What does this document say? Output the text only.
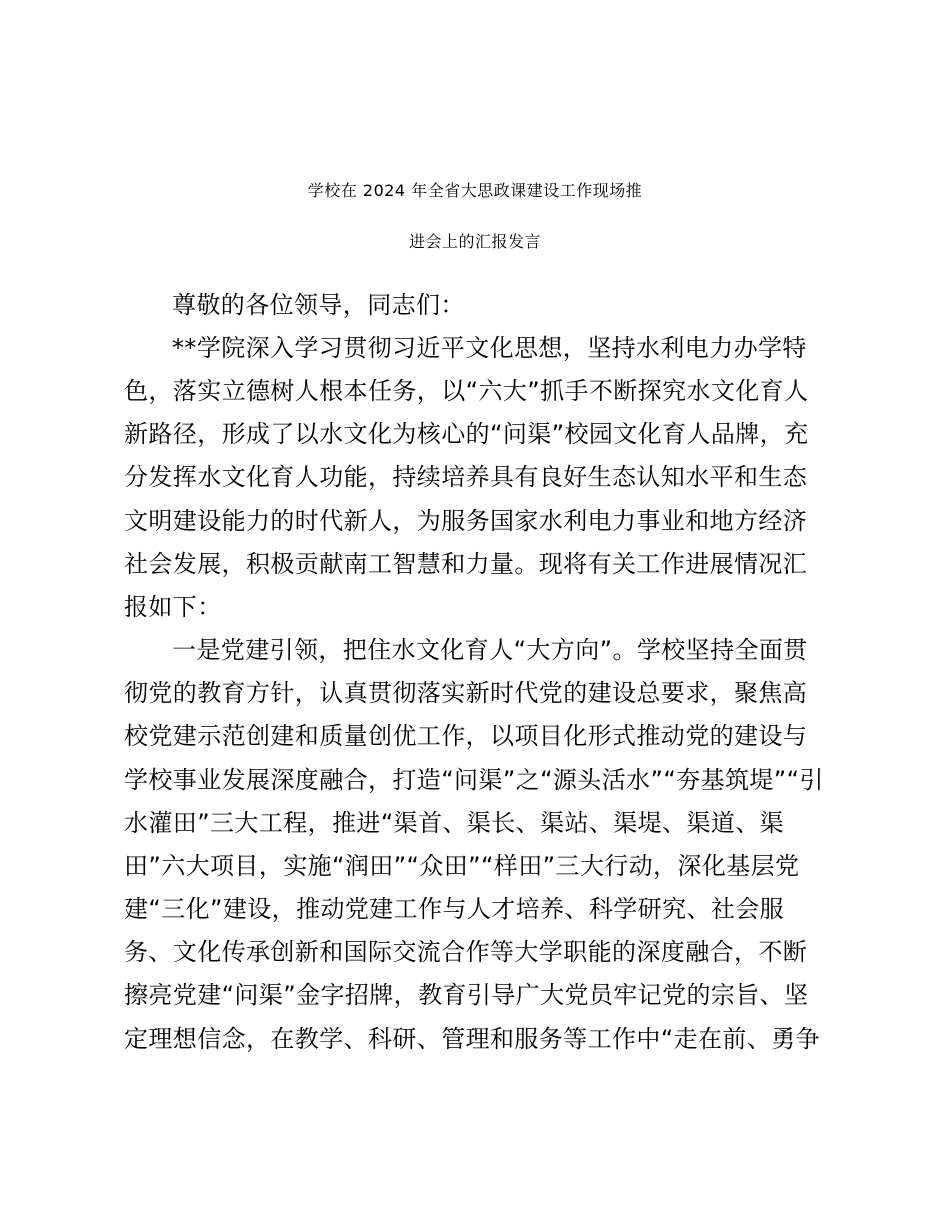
学校在 2024 年全省大思政课建设工作现场推
进会上的汇报发言
尊敬的各位领导，同志们：
**学院深入学习贯彻习近平文化思想，坚持水利电力办学特
色，落实立德树人根本任务，以“六大”抓手不断探究水文化育人
新路径，形成了以水文化为核心的“问渠”校园文化育人品牌，充
分发挥水文化育人功能，持续培养具有良好生态认知水平和生态
文明建设能力的时代新人，为服务国家水利电力事业和地方经济
社会发展，积极贡献南工智慧和力量。现将有关工作进展情况汇
报如下：
一是党建引领，把住水文化育人“大方向”。学校坚持全面贯
彻党的教育方针，认真贯彻落实新时代党的建设总要求，聚焦高
校党建示范创建和质量创优工作，以项目化形式推动党的建设与
学校事业发展深度融合，打造“问渠”之“源头活水”“夯基筑堤”“引
水灌田”三大工程，推进“渠首、渠长、渠站、渠堤、渠道、渠
田”六大项目，实施“润田”“众田”“样田”三大行动，深化基层党
建“三化”建设，推动党建工作与人才培养、科学研究、社会服
务、文化传承创新和国际交流合作等大学职能的深度融合，不断
擦亮党建“问渠”金字招牌，教育引导广大党员牢记党的宗旨、坚
定理想信念，在教学、科研、管理和服务等工作中“走在前、勇争
